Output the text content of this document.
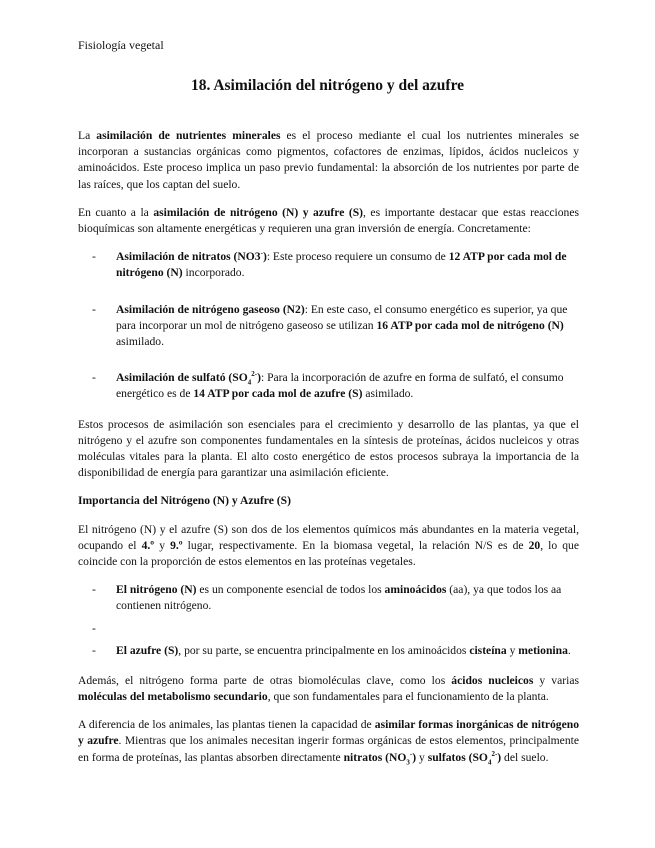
Fisiología vegetal
18. Asimilación del nitrógeno y del azufre

La asimilación de nutrientes minerales es el proceso mediante el cual los nutrientes minerales se incorporan a sustancias orgánicas como pigmentos, cofactores de enzimas, lípidos, ácidos nucleicos y aminoácidos. Este proceso implica un paso previo fundamental: la absorción de los nutrientes por parte de las raíces, que los captan del suelo.

En cuanto a la asimilación de nitrógeno (N) y azufre (S), es importante destacar que estas reacciones bioquímicas son altamente energéticas y requieren una gran inversión de energía. Concretamente:

- Asimilación de nitratos (NO3-): Este proceso requiere un consumo de 12 ATP por cada mol de nitrógeno (N) incorporado.
- Asimilación de nitrógeno gaseoso (N2): En este caso, el consumo energético es superior, ya que para incorporar un mol de nitrógeno gaseoso se utilizan 16 ATP por cada mol de nitrógeno (N) asimilado.
- Asimilación de sulfató $(SO_4^{2-})$: Para la incorporación de azufre en forma de sulfató, el consumo energético es de 14 ATP por cada mol de azufre (S) asimilado.

Estos procesos de asimilación son esenciales para el crecimiento y desarrollo de las plantas, ya que el nitrógeno y el azufre son componentes fundamentales en la síntesis de proteínas, ácidos nucleicos y otras moléculas vitales para la planta. El alto costo energético de estos procesos subraya la importancia de la disponibilidad de energía para garantizar una asimilación eficiente.

Importancia del Nitrógeno (N) y Azufre (S)

El nitrógeno (N) y el azufre (S) son dos de los elementos químicos más abundantes en la materia vegetal, ocupando el 4.º y 9.º lugar, respectivamente. En la biomasa vegetal, la relación N/S es de 20, lo que coincide con la proporción de estos elementos en las proteínas vegetales.

- El nitrógeno (N) es un componente esencial de todos los aminoácidos (aa), ya que todos los aa contienen nitrógeno.
-
- El azufre (S), por su parte, se encuentra principalmente en los aminoácidos cisteína y metionina.

Además, el nitrógeno forma parte de otras biomoléculas clave, como los ácidos nucleicos y varias moléculas del metabolismo secundario, que son fundamentales para el funcionamiento de la planta.

A diferencia de los animales, las plantas tienen la capacidad de asimilar formas inorgánicas de nitrógeno y azufre. Mientras que los animales necesitan ingerir formas orgánicas de estos elementos, principalmente en forma de proteínas, las plantas absorben directamente nitratos $(NO_3^-)$ y sulfatos $(SO_4^{2-})$ del suelo.
